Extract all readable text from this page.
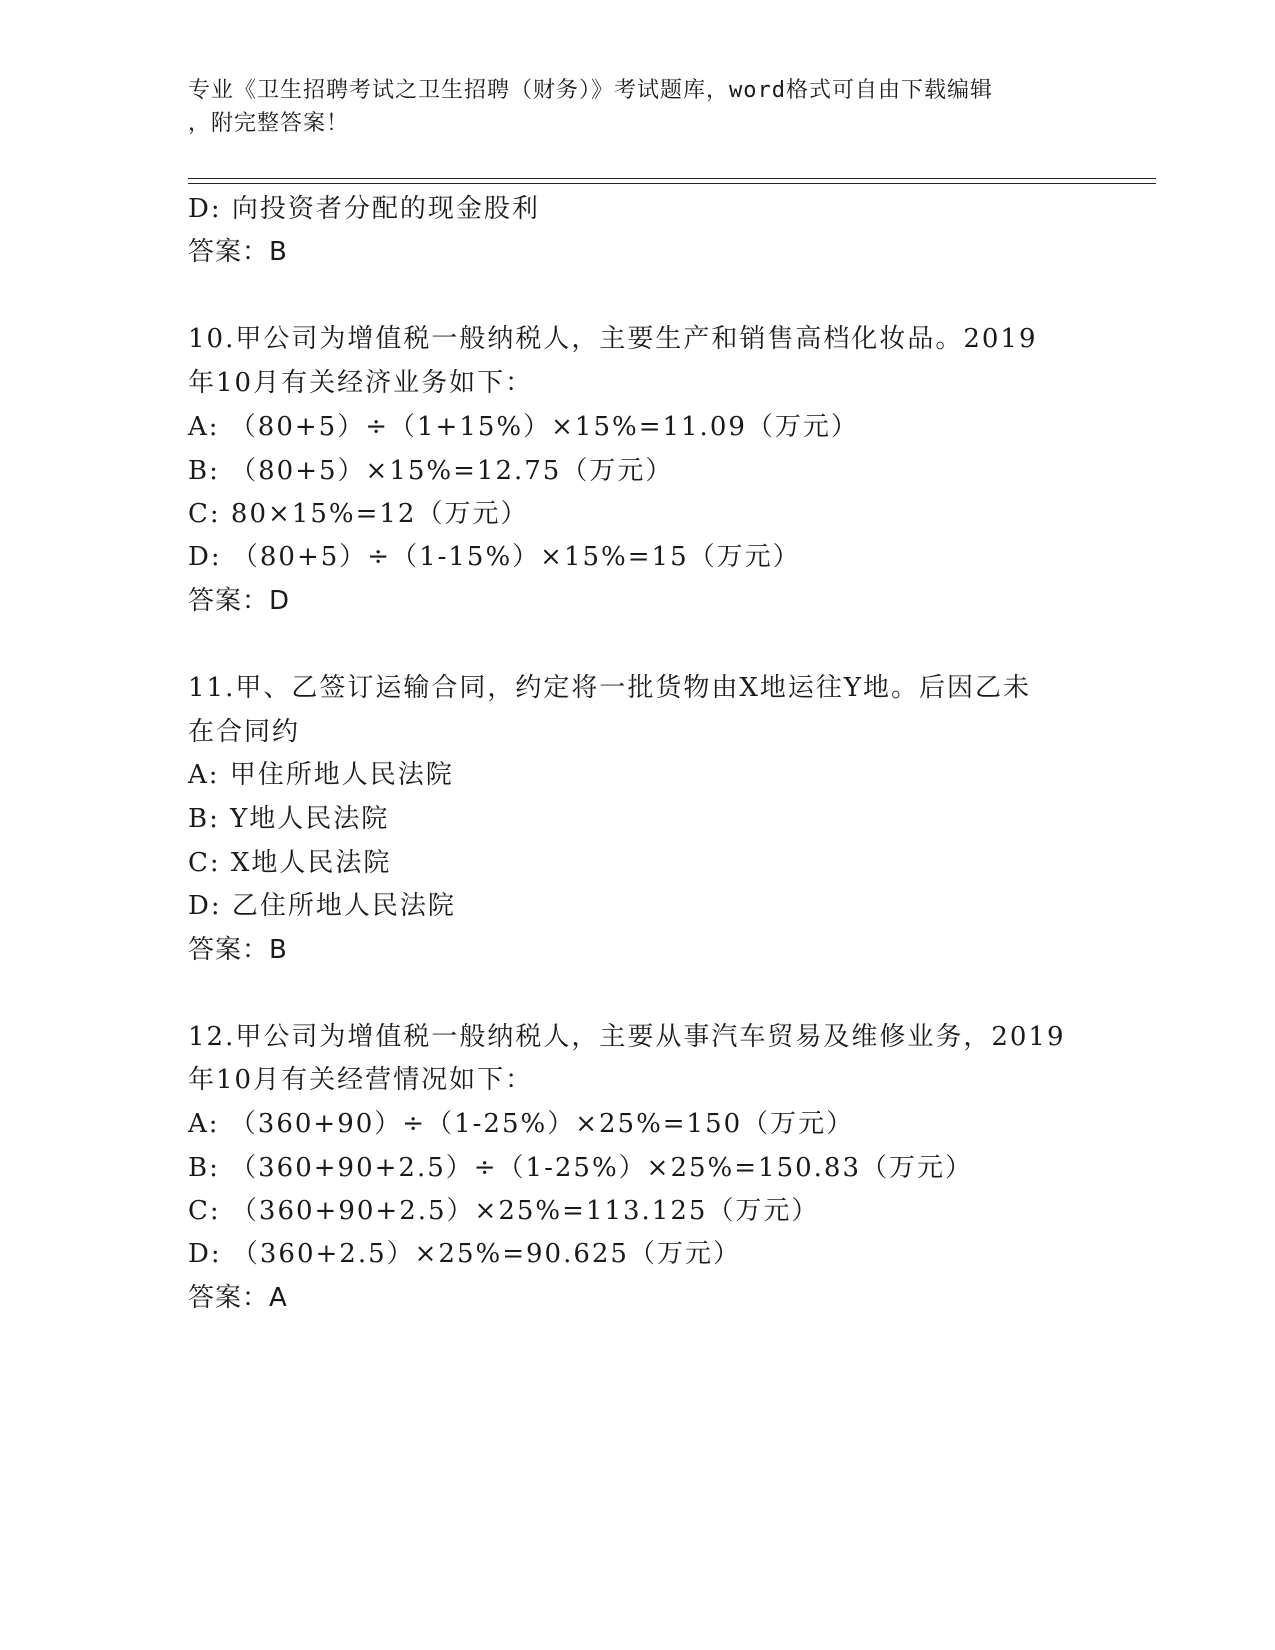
专业《卫生招聘考试之卫生招聘（财务）》考试题库，word格式可自由下载编辑
，附完整答案！
D: 向投资者分配的现金股利
答案：B
10.甲公司为增值税一般纳税人，主要生产和销售高档化妆品。2019
年10月有关经济业务如下：
A: （80+5）÷（1+15%）×15%=11.09（万元）
B: （80+5）×15%=12.75（万元）
C: 80×15%=12（万元）
D: （80+5）÷（1-15%）×15%=15（万元）
答案：D
11.甲、乙签订运输合同，约定将一批货物由X地运往Y地。后因乙未
在合同约
A: 甲住所地人民法院
B: Y地人民法院
C: X地人民法院
D: 乙住所地人民法院
答案：B
12.甲公司为增值税一般纳税人，主要从事汽车贸易及维修业务，2019
年10月有关经营情况如下：
A: （360+90）÷（1-25%）×25%=150（万元）
B: （360+90+2.5）÷（1-25%）×25%=150.83（万元）
C: （360+90+2.5）×25%=113.125（万元）
D: （360+2.5）×25%=90.625（万元）
答案：A
